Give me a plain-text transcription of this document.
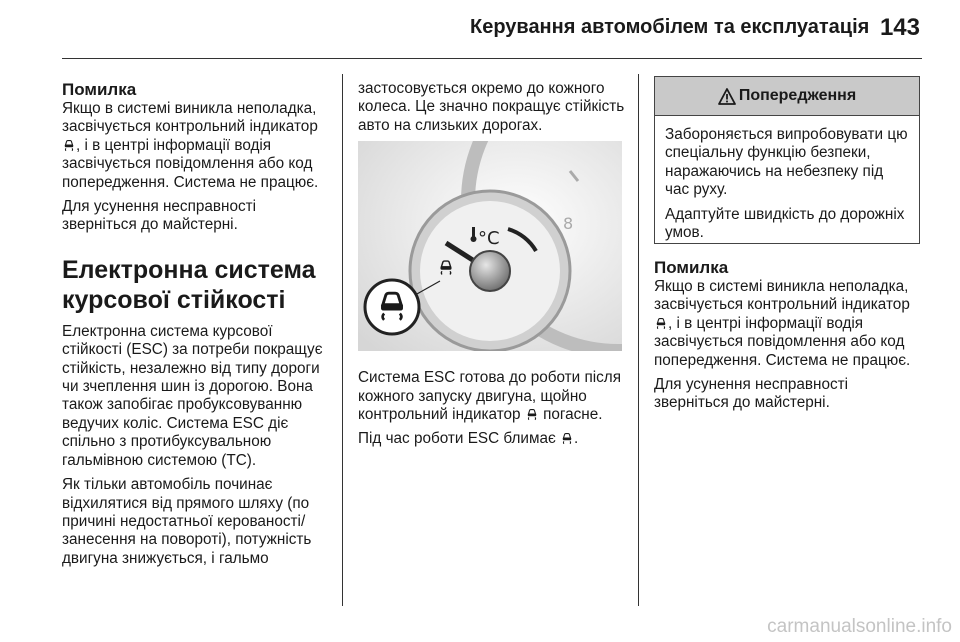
Керування автомобілем та експлуатація 143
Помилка

Якщо в системі виникла неполадка, засвічується контрольний індикатор , і в центрі інформації водія засвічується повідомлення або код попередження. Система не працює.

Для усунення несправності зверніться до майстерні.

Електронна система курсової стійкості

Електронна система курсової стійкості (ESC) за потреби покращує стійкість, незалежно від типу дороги чи зчеплення шин із дорогою. Вона також запобігає пробуксовуванню ведучих коліс. Система ESC діє спільно з протибуксувальною гальмівною системою (TC).

Як тільки автомобіль починає відхилятися від прямого шляху (по причині недостатньої керованості/занесення на повороті), потужність двигуна знижується, і гальмо

застосовується окремо до кожного колеса. Це значно покращує стійкість авто на слизьких дорогах.

8
°C

Система ESC готова до роботи після кожного запуску двигуна, щойно контрольний індикатор погасне.

Під час роботи ESC блимає .

Попередження

Забороняється випробовувати цю спеціальну функцію безпеки, наражаючись на небезпеку під час руху.

Адаптуйте швидкість до дорожніх умов.

Помилка

Якщо в системі виникла неполадка, засвічується контрольний індикатор , і в центрі інформації водія засвічується повідомлення або код попередження. Система не працює.

Для усунення несправності зверніться до майстерні.

carmanualsonline.info
